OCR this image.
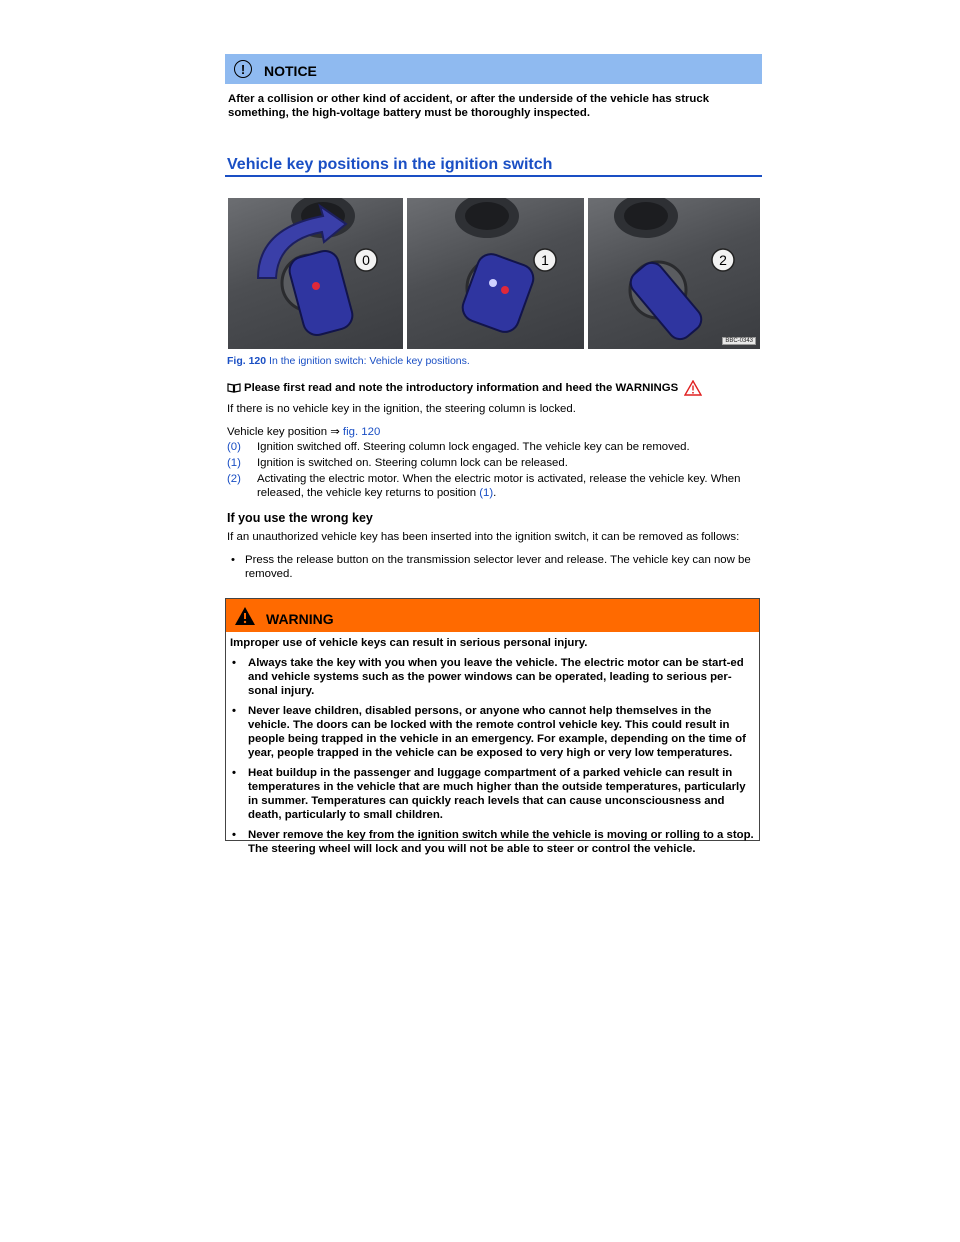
!	NOTICE
After a collision or other kind of accident, or after the underside of the vehicle has struck something, the high-voltage battery must be thoroughly inspected.
Vehicle key positions in the ignition switch
0	1	2
BBC-0343
Fig. 120 In the ignition switch: Vehicle key positions.
Please first read and note the introductory information and heed the WARNINGS
If there is no vehicle key in the ignition, the steering column is locked.
Vehicle key position ⇒ fig. 120
(0)	Ignition switched off. Steering column lock engaged. The vehicle key can be removed.
(1)	Ignition is switched on. Steering column lock can be released.
(2)	Activating the electric motor. When the electric motor is activated, release the vehicle key. When released, the vehicle key returns to position (1).
If you use the wrong key
If an unauthorized vehicle key has been inserted into the ignition switch, it can be removed as follows:
• Press the release button on the transmission selector lever and release. The vehicle key can now be removed.
WARNING
Improper use of vehicle keys can result in serious personal injury.
•	Always take the key with you when you leave the vehicle. The electric motor can be start-ed and vehicle systems such as the power windows can be operated, leading to serious per-sonal injury.
•	Never leave children, disabled persons, or anyone who cannot help themselves in the vehicle. The doors can be locked with the remote control vehicle key. This could result in people being trapped in the vehicle in an emergency. For example, depending on the time of year, people trapped in the vehicle can be exposed to very high or very low temperatures.
•	Heat buildup in the passenger and luggage compartment of a parked vehicle can result in temperatures in the vehicle that are much higher than the outside temperatures, particularly in summer. Temperatures can quickly reach levels that can cause unconsciousness and death, particularly to small children.
•	Never remove the key from the ignition switch while the vehicle is moving or rolling to a stop. The steering wheel will lock and you will not be able to steer or control the vehicle.
